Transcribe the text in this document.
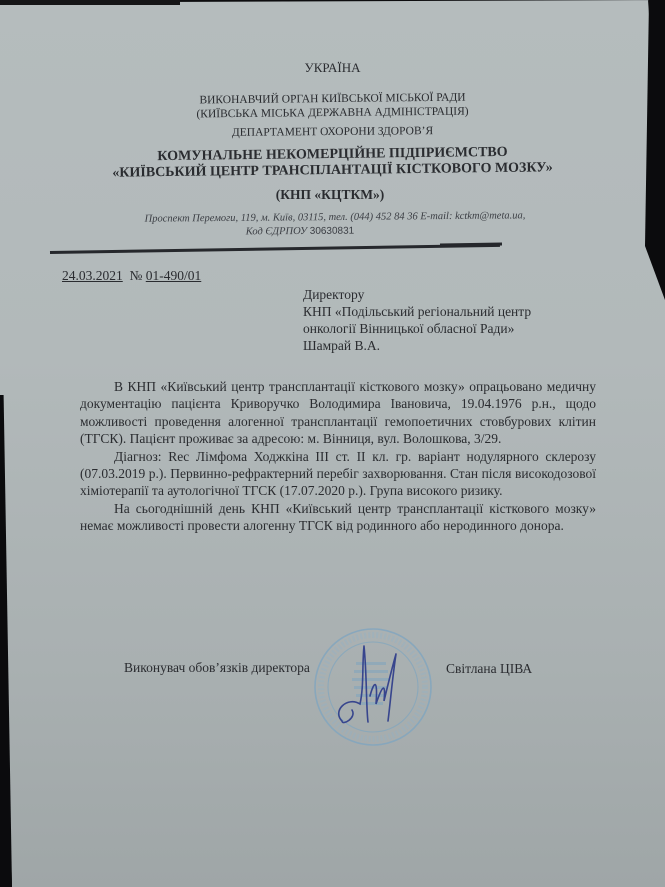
УКРАЇНА
ВИКОНАВЧИЙ ОРГАН КИЇВСЬКОЇ МІСЬКОЇ РАДИ
(КИЇВСЬКА МІСЬКА ДЕРЖАВНА АДМІНІСТРАЦІЯ)
ДЕПАРТАМЕНТ ОХОРОНИ ЗДОРОВ’Я
КОМУНАЛЬНЕ НЕКОМЕРЦІЙНЕ ПІДПРИЄМСТВО
«КИЇВСЬКИЙ ЦЕНТР ТРАНСПЛАНТАЦІЇ КІСТКОВОГО МОЗКУ»
(КНП «КЦТКМ»)
Проспект Перемоги, 119, м. Київ, 03115, тел. (044) 452 84 36 E-mail: kctkm@meta.ua,
Код ЄДРПОУ 30630831
24.03.2021 № 01-490/01
Директору
КНП «Подільський регіональний центр
онкології Вінницької обласної Ради»
Шамрай В.А.

В КНП «Київський центр трансплантації кісткового мозку» опрацьовано медичну документацію пацієнта Криворучко Володимира Івановича, 19.04.1976 р.н., щодо можливості проведення алогенної трансплантації гемопоетичних стовбурових клітин (ТГСК). Пацієнт проживає за адресою: м. Вінниця, вул. Волошкова, 3/29.

Діагноз: Rec Лімфома Ходжкіна III ст. II кл. гр. варіант нодулярного склерозу (07.03.2019 р.). Первинно-рефрактерний перебіг захворювання. Стан після високодозової хіміотерапії та аутологічної ТГСК (17.07.2020 р.). Група високого ризику.

На сьогоднішній день КНП «Київський центр трансплантації кісткового мозку» немає можливості провести алогенну ТГСК від родинного або неродинного донора.

Виконувач обов’язків директора	Світлана ЦІВА
